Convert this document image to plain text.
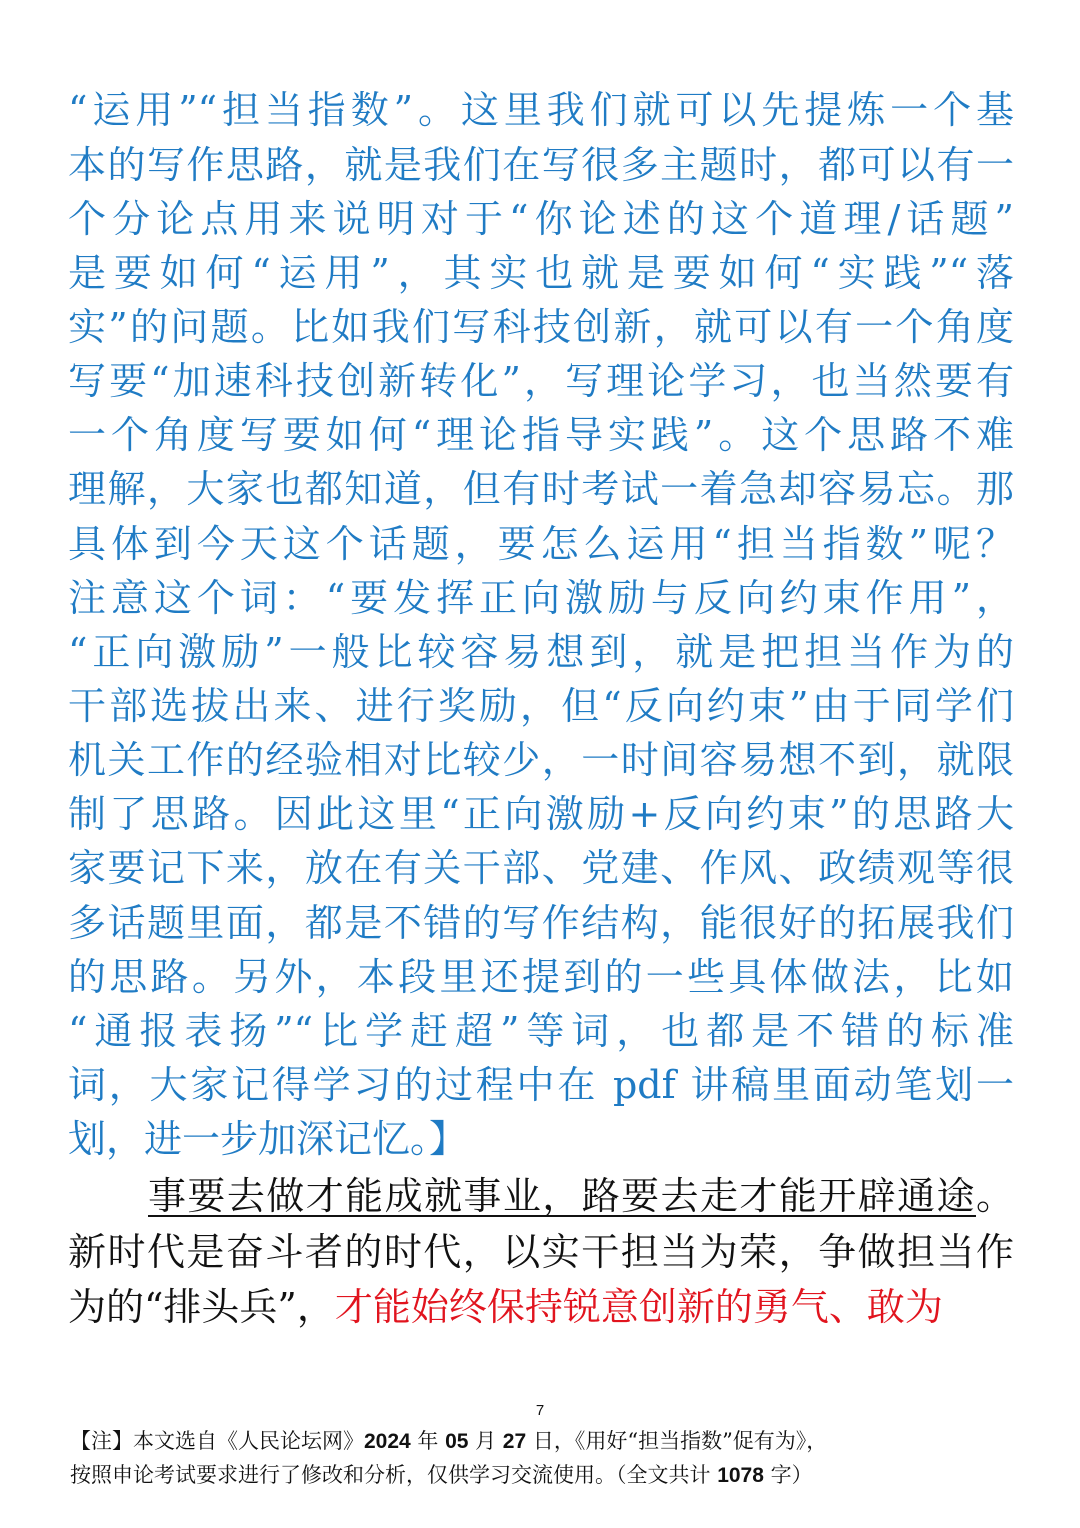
“运用”“担当指数”。这里我们就可以先提炼一个基
本的写作思路，就是我们在写很多主题时，都可以有一
个分论点用来说明对于“你论述的这个道理/话题”
是要如何“运用”，其实也就是要如何“实践”“落
实”的问题。比如我们写科技创新，就可以有一个角度
写要“加速科技创新转化”，写理论学习，也当然要有
一个角度写要如何“理论指导实践”。这个思路不难
理解，大家也都知道，但有时考试一着急却容易忘。那
具体到今天这个话题，要怎么运用“担当指数”呢？
注意这个词：“要发挥正向激励与反向约束作用”，
“正向激励”一般比较容易想到，就是把担当作为的
干部选拔出来、进行奖励，但“反向约束”由于同学们
机关工作的经验相对比较少，一时间容易想不到，就限
制了思路。因此这里“正向激励+反向约束”的思路大
家要记下来，放在有关干部、党建、作风、政绩观等很
多话题里面，都是不错的写作结构，能很好的拓展我们
的思路。另外，本段里还提到的一些具体做法，比如
“通报表扬”“比学赶超”等词，也都是不错的标准
词，大家记得学习的过程中在 pdf 讲稿里面动笔划一
划，进一步加深记忆。】
事要去做才能成就事业，路要去走才能开辟通途。
新时代是奋斗者的时代，以实干担当为荣，争做担当作
为的“排头兵”，才能始终保持锐意创新的勇气、敢为
7
【注】本文选自《人民论坛网》2024 年 05 月 27 日，《用好“担当指数”促有为》，
按照申论考试要求进行了修改和分析，仅供学习交流使用。（全文共计 1078 字）
